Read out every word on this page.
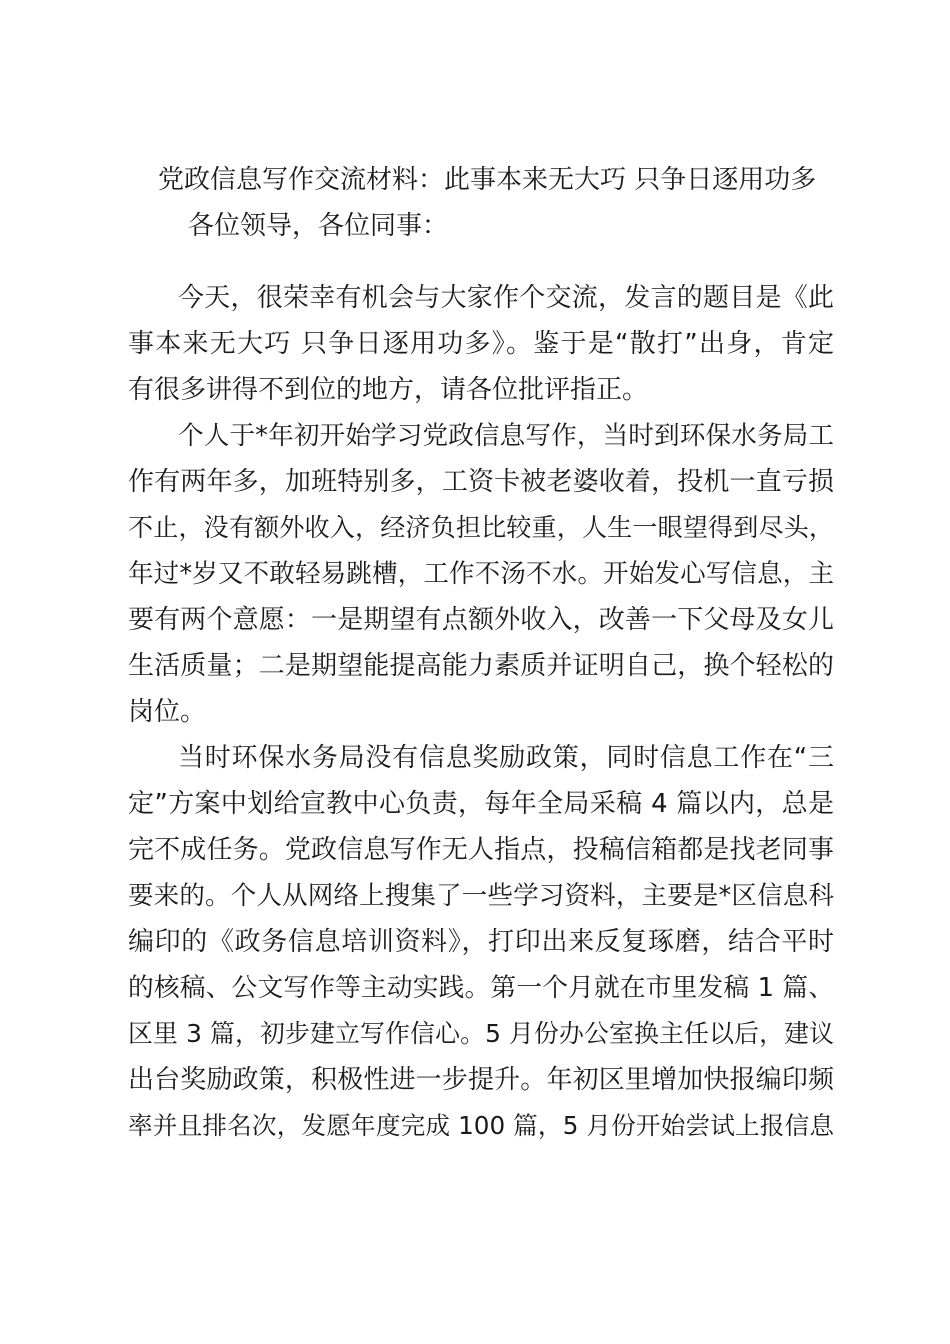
党政信息写作交流材料：此事本来无大巧 只争日逐用功多
各位领导，各位同事：
今天，很荣幸有机会与大家作个交流，发言的题目是《此
事本来无大巧 只争日逐用功多》。鉴于是“散打”出身，肯定
有很多讲得不到位的地方，请各位批评指正。
个人于*年初开始学习党政信息写作，当时到环保水务局工
作有两年多，加班特别多，工资卡被老婆收着，投机一直亏损
不止，没有额外收入，经济负担比较重，人生一眼望得到尽头，
年过*岁又不敢轻易跳槽，工作不汤不水。开始发心写信息，主
要有两个意愿：一是期望有点额外收入，改善一下父母及女儿
生活质量；二是期望能提高能力素质并证明自己，换个轻松的
岗位。
当时环保水务局没有信息奖励政策，同时信息工作在“三
定”方案中划给宣教中心负责，每年全局采稿 4 篇以内，总是
完不成任务。党政信息写作无人指点，投稿信箱都是找老同事
要来的。个人从网络上搜集了一些学习资料，主要是*区信息科
编印的《政务信息培训资料》，打印出来反复琢磨，结合平时
的核稿、公文写作等主动实践。第一个月就在市里发稿 1 篇、
区里 3 篇，初步建立写作信心。5 月份办公室换主任以后，建议
出台奖励政策，积极性进一步提升。年初区里增加快报编印频
率并且排名次，发愿年度完成 100 篇，5 月份开始尝试上报信息
